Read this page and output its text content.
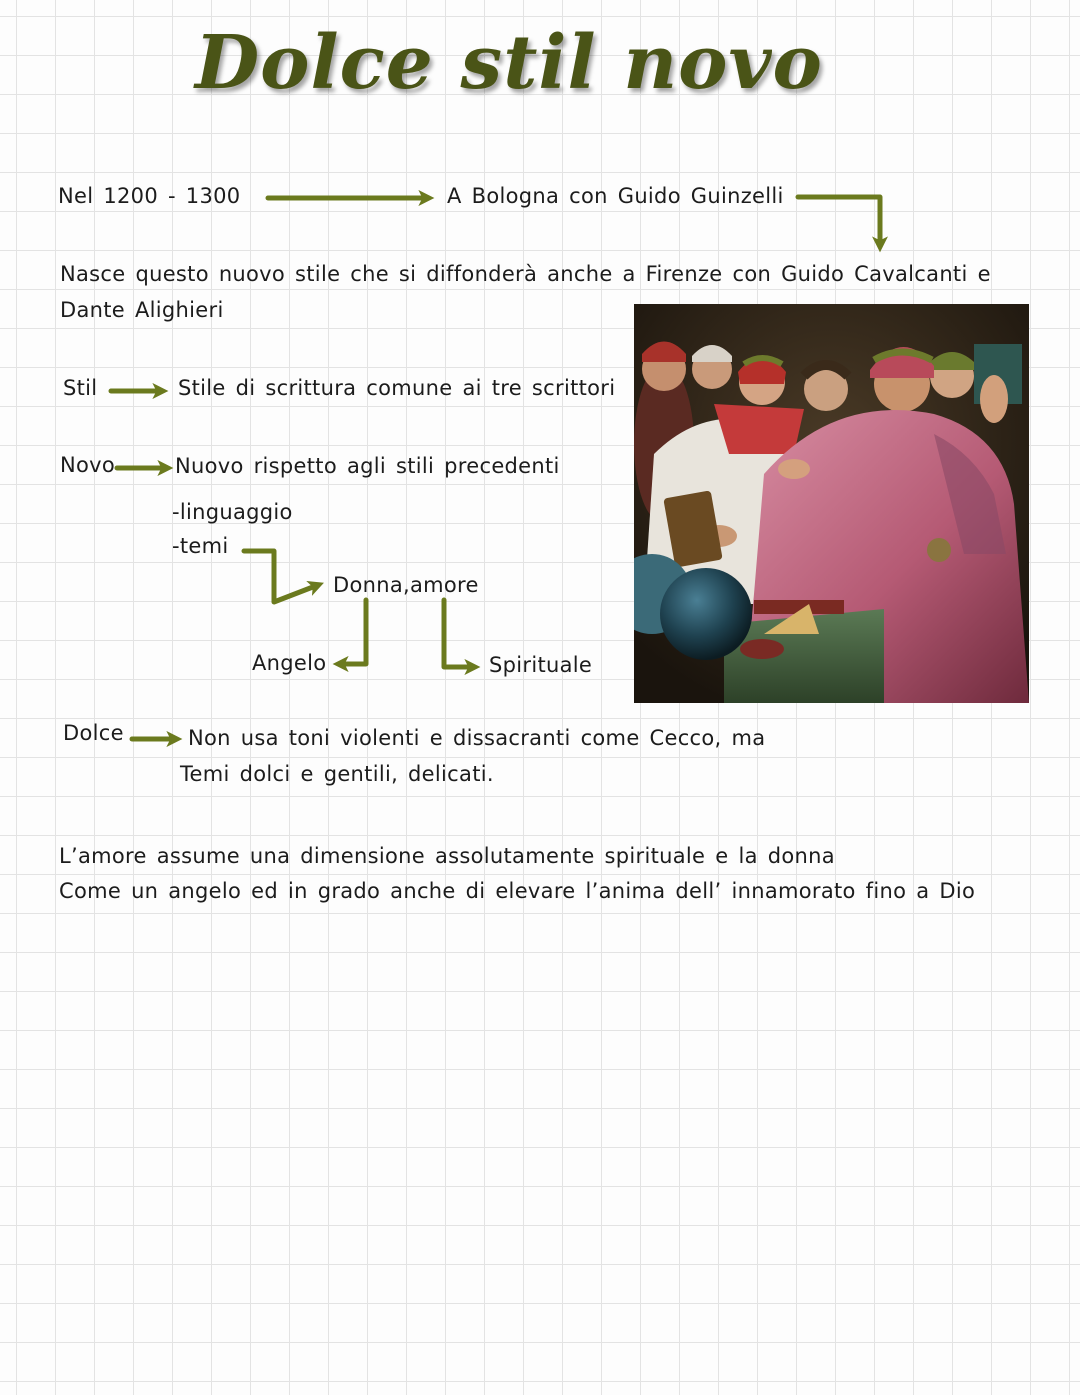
Dolce stil novo
Nel 1200 - 1300	A Bologna con Guido Guinzelli
Nasce questo nuovo stile che si diffonderà anche a Firenze con Guido Cavalcanti e
Dante Alighieri
Stil	Stile di scrittura comune ai tre scrittori
Novo	Nuovo rispetto agli stili precedenti
-linguaggio
-temi
Donna,amore
Angelo	Spirituale
Dolce	Non usa toni violenti e dissacranti come Cecco, ma
Temi dolci e gentili, delicati.
L’amore assume una dimensione assolutamente spirituale e la donna
Come un angelo ed in grado anche di elevare l’anima dell’ innamorato fino a Dio
